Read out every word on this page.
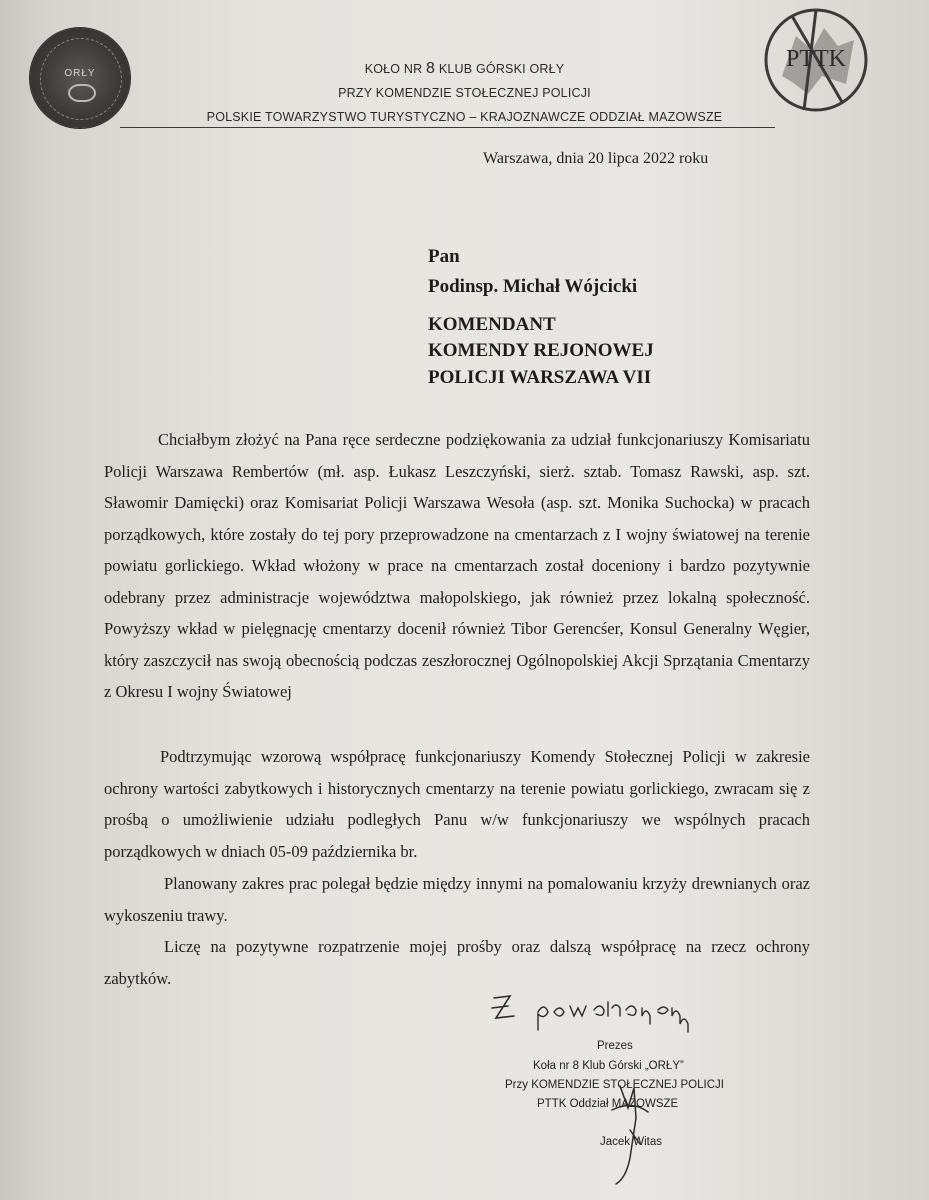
ORŁY
PTTK
KOŁO NR 8 KLUB GÓRSKI ORŁY
PRZY KOMENDZIE STOŁECZNEJ POLICJI
POLSKIE TOWARZYSTWO TURYSTYCZNO – KRAJOZNAWCZE ODDZIAŁ MAZOWSZE
Warszawa, dnia 20 lipca 2022 roku
Pan
Podinsp. Michał Wójcicki
KOMENDANT
KOMENDY REJONOWEJ
POLICJI WARSZAWA VII
Chciałbym złożyć na Pana ręce serdeczne podziękowania za udział funkcjonariuszy Komisariatu Policji Warszawa Rembertów (mł. asp. Łukasz Leszczyński, sierż. sztab. Tomasz Rawski, asp. szt. Sławomir Damięcki) oraz Komisariat Policji Warszawa Wesoła (asp. szt. Monika Suchocka) w pracach porządkowych, które zostały do tej pory przeprowadzone na cmentarzach z I wojny światowej na terenie powiatu gorlickiego. Wkład włożony w prace na cmentarzach został doceniony i bardzo pozytywnie odebrany przez administracje województwa małopolskiego, jak również przez lokalną społeczność. Powyższy wkład w pielęgnację cmentarzy docenił również Tibor Gerencśer, Konsul Generalny Węgier, który zaszczycił nas swoją obecnością podczas zeszłorocznej Ogólnopolskiej Akcji Sprzątania Cmentarzy z Okresu I wojny Światowej
Podtrzymując wzorową współpracę funkcjonariuszy Komendy Stołecznej Policji w zakresie ochrony wartości zabytkowych i historycznych cmentarzy na terenie powiatu gorlickiego, zwracam się z prośbą o umożliwienie udziału podległych Panu w/w funkcjonariuszy we wspólnych pracach porządkowych w dniach 05-09 października br.
Planowany zakres prac polegał będzie między innymi na pomalowaniu krzyży drewnianych oraz wykoszeniu trawy.
Liczę na pozytywne rozpatrzenie mojej prośby oraz dalszą współpracę na rzecz ochrony zabytków.
Prezes
Koła nr 8 Klub Górski „ORŁY”
Przy KOMENDZIE STOŁECZNEJ POLICJI
PTTK Oddział MAZOWSZE
Jacek Witas
